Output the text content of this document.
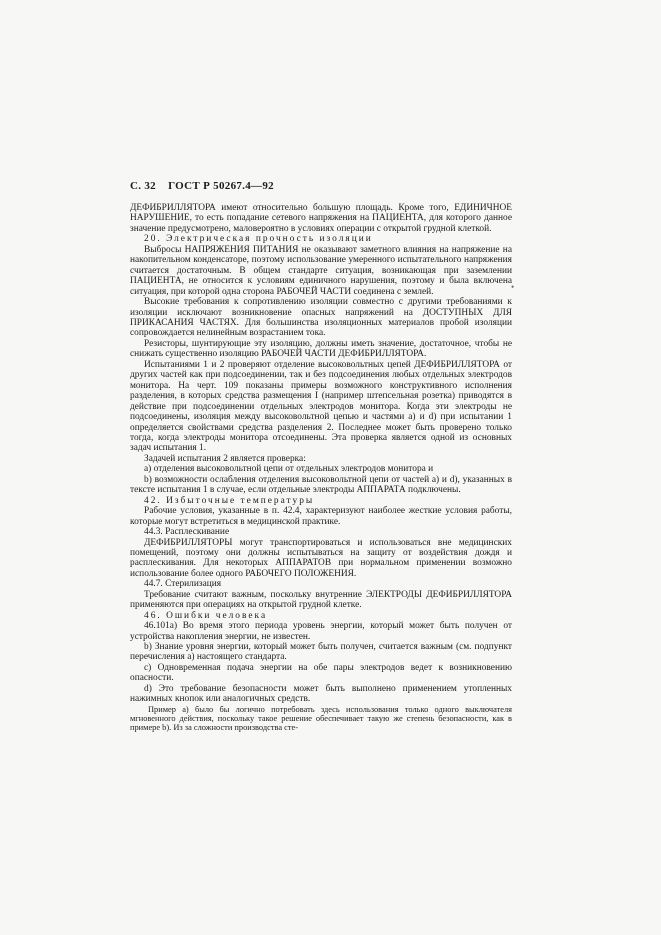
С. 32 ГОСТ Р 50267.4—92

ДЕФИБРИЛЛЯТОРА имеют относительно большую площадь. Кроме того, ЕДИНИЧНОЕ НАРУШЕНИЕ, то есть попадание сетевого напряжения на ПАЦИЕНТА, для которого данное значение предусмотрено, маловероятно в условиях операции с открытой грудной клеткой.

20. Электрическая прочность изоляции

Выбросы НАПРЯЖЕНИЯ ПИТАНИЯ не оказывают заметного влияния на напряжение на накопительном конденсаторе, поэтому использование умеренного испытательного напряжения считается достаточным. В общем стандарте ситуация, возникающая при заземлении ПАЦИЕНТА, не относится к условиям единичного нарушения, поэтому и была включена ситуация, при которой одна сторона РАБОЧЕЙ ЧАСТИ соединена с землей.

Высокие требования к сопротивлению изоляции совместно с другими требованиями к изоляции исключают возникновение опасных напряжений на ДОСТУПНЫХ ДЛЯ ПРИКАСАНИЯ ЧАСТЯХ. Для большинства изоляционных материалов пробой изоляции сопровождается нелинейным возрастанием тока.

Резисторы, шунтирующие эту изоляцию, должны иметь значение, достаточное, чтобы не снижать существенно изоляцию РАБОЧЕЙ ЧАСТИ ДЕФИБРИЛЛЯТОРА.

Испытаниями 1 и 2 проверяют отделение высоковольтных цепей ДЕФИБРИЛЛЯТОРА от других частей как при подсоединении, так и без подсоединения любых отдельных электродов монитора. На черт. 109 показаны примеры возможного конструктивного исполнения разделения, в которых средства размещения I (например штепсельная розетка) приводятся в действие при подсоединении отдельных электродов монитора. Когда эти электроды не подсоединены, изоляция между высоковольтной цепью и частями а) и d) при испытании 1 определяется свойствами средства разделения 2. Последнее может быть проверено только тогда, когда электроды монитора отсоединены. Эта проверка является одной из основных задач испытания 1.

Задачей испытания 2 является проверка:

а) отделения высоковольтной цепи от отдельных электродов монитора и

b) возможности ослабления отделения высоковольтной цепи от частей а) и d), указанных в тексте испытания 1 в случае, если отдельные электроды АППАРАТА подключены.

42. Избыточные температуры

Рабочие условия, указанные в п. 42.4, характеризуют наиболее жесткие условия работы, которые могут встретиться в медицинской практике.

44.3. Расплескивание

ДЕФИБРИЛЛЯТОРЫ могут транспортироваться и использоваться вне медицинских помещений, поэтому они должны испытываться на защиту от воздействия дождя и расплескивания. Для некоторых АППАРАТОВ при нормальном применении возможно использование более одного РАБОЧЕГО ПОЛОЖЕНИЯ.

44.7. Стерилизация

Требование считают важным, поскольку внутренние ЭЛЕКТРОДЫ ДЕФИБРИЛЛЯТОРА применяются при операциях на открытой грудной клетке.

46. Ошибки человека

46.101а) Во время этого периода уровень энергии, который может быть получен от устройства накопления энергии, не известен.

b) Знание уровня энергии, который может быть получен, считается важным (см. подпункт перечисления а) настоящего стандарта.

с) Одновременная подача энергии на обе пары электродов ведет к возникновению опасности.

d) Это требование безопасности может быть выполнено применением утопленных нажимных кнопок или аналогичных средств.

Пример а) было бы логично потребовать здесь использования только одного выключателя мгновенного действия, поскольку такое решение обеспечивает такую же степень безопасности, как в примере b). Из за сложности производства сте-

•
